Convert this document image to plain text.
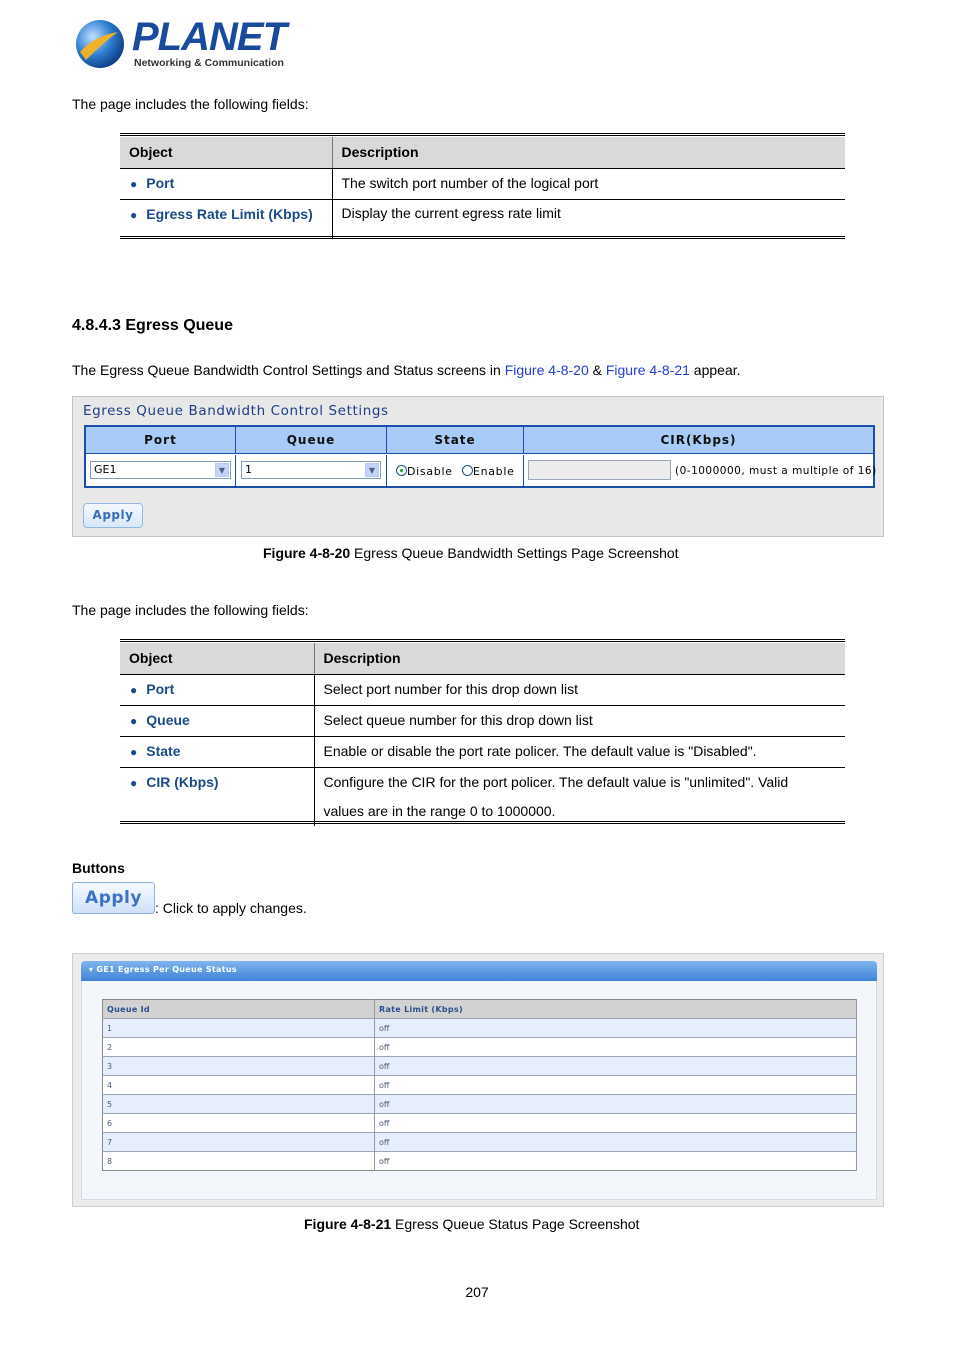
PLANET
Networking & Communication
The page includes the following fields:
Object	Description
● Port	The switch port number of the logical port
● Egress Rate Limit (Kbps)	Display the current egress rate limit
4.8.4.3 Egress Queue
The Egress Queue Bandwidth Control Settings and Status screens in Figure 4-8-20 & Figure 4-8-21 appear.
Egress Queue Bandwidth Control Settings
Port	Queue	State	CIR(Kbps)
GE1	▼	1	▼	Disable Enable	(0-1000000, must a multiple of 16)
Apply
Figure 4-8-20 Egress Queue Bandwidth Settings Page Screenshot
The page includes the following fields:
Object	Description
● Port	Select port number for this drop down list
● Queue	Select queue number for this drop down list
● State	Enable or disable the port rate policer. The default value is "Disabled".
● CIR (Kbps)	Configure the CIR for the port policer. The default value is "unlimited". Valid
values are in the range 0 to 1000000.
Buttons
Apply : Click to apply changes.
▾ GE1 Egress Per Queue Status
Queue Id	Rate Limit (Kbps)
1	off
2	off
3	off
4	off
5	off
6	off
7	off
8	off
Figure 4-8-21 Egress Queue Status Page Screenshot
207
